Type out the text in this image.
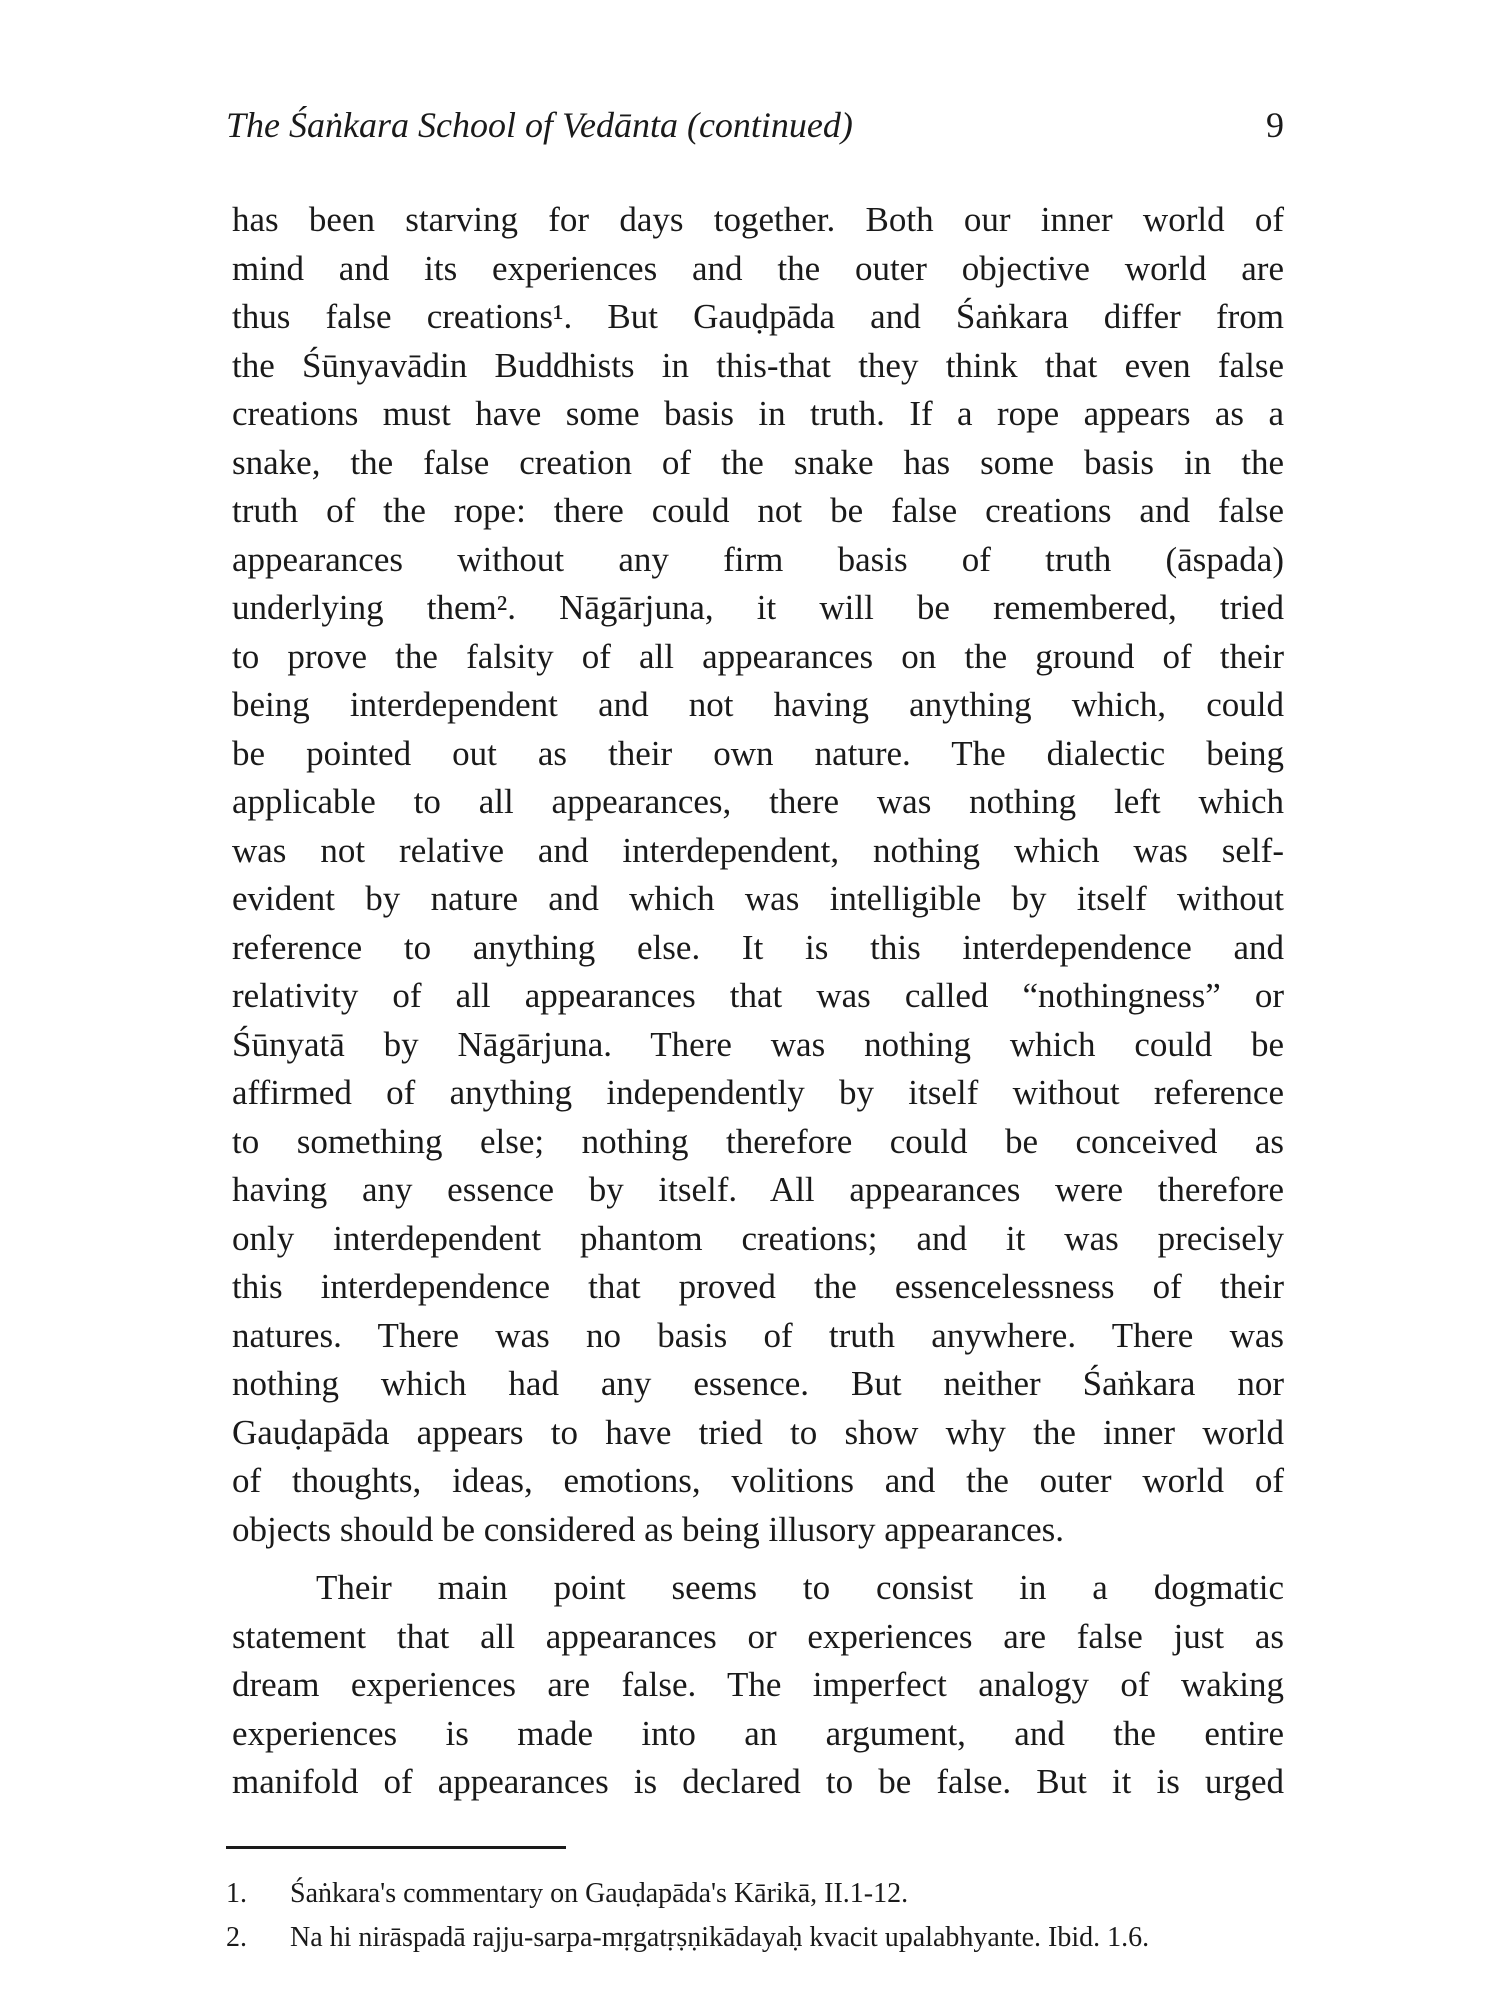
The Śaṅkara School of Vedānta (continued)	9
has been starving for days together. Both our inner world of
mind and its experiences and the outer objective world are
thus false creations¹. But Gauḍpāda and Śaṅkara differ from
the Śūnyavādin Buddhists in this-that they think that even false
creations must have some basis in truth. If a rope appears as a
snake, the false creation of the snake has some basis in the
truth of the rope: there could not be false creations and false
appearances without any firm basis of truth (āspada)
underlying them². Nāgārjuna, it will be remembered, tried
to prove the falsity of all appearances on the ground of their
being interdependent and not having anything which, could
be pointed out as their own nature. The dialectic being
applicable to all appearances, there was nothing left which
was not relative and interdependent, nothing which was self-
evident by nature and which was intelligible by itself without
reference to anything else. It is this interdependence and
relativity of all appearances that was called “nothingness” or
Śūnyatā by Nāgārjuna. There was nothing which could be
affirmed of anything independently by itself without reference
to something else; nothing therefore could be conceived as
having any essence by itself. All appearances were therefore
only interdependent phantom creations; and it was precisely
this interdependence that proved the essencelessness of their
natures. There was no basis of truth anywhere. There was
nothing which had any essence. But neither Śaṅkara nor
Gauḍapāda appears to have tried to show why the inner world
of thoughts, ideas, emotions, volitions and the outer world of
objects should be considered as being illusory appearances.
Their main point seems to consist in a dogmatic
statement that all appearances or experiences are false just as
dream experiences are false. The imperfect analogy of waking
experiences is made into an argument, and the entire
manifold of appearances is declared to be false. But it is urged
1. Śaṅkara's commentary on Gauḍapāda's Kārikā, II.1-12.
2. Na hi nirāspadā rajju-sarpa-mṛgatṛṣṇikādayaḥ kvacit upalabhyante. Ibid. 1.6.
